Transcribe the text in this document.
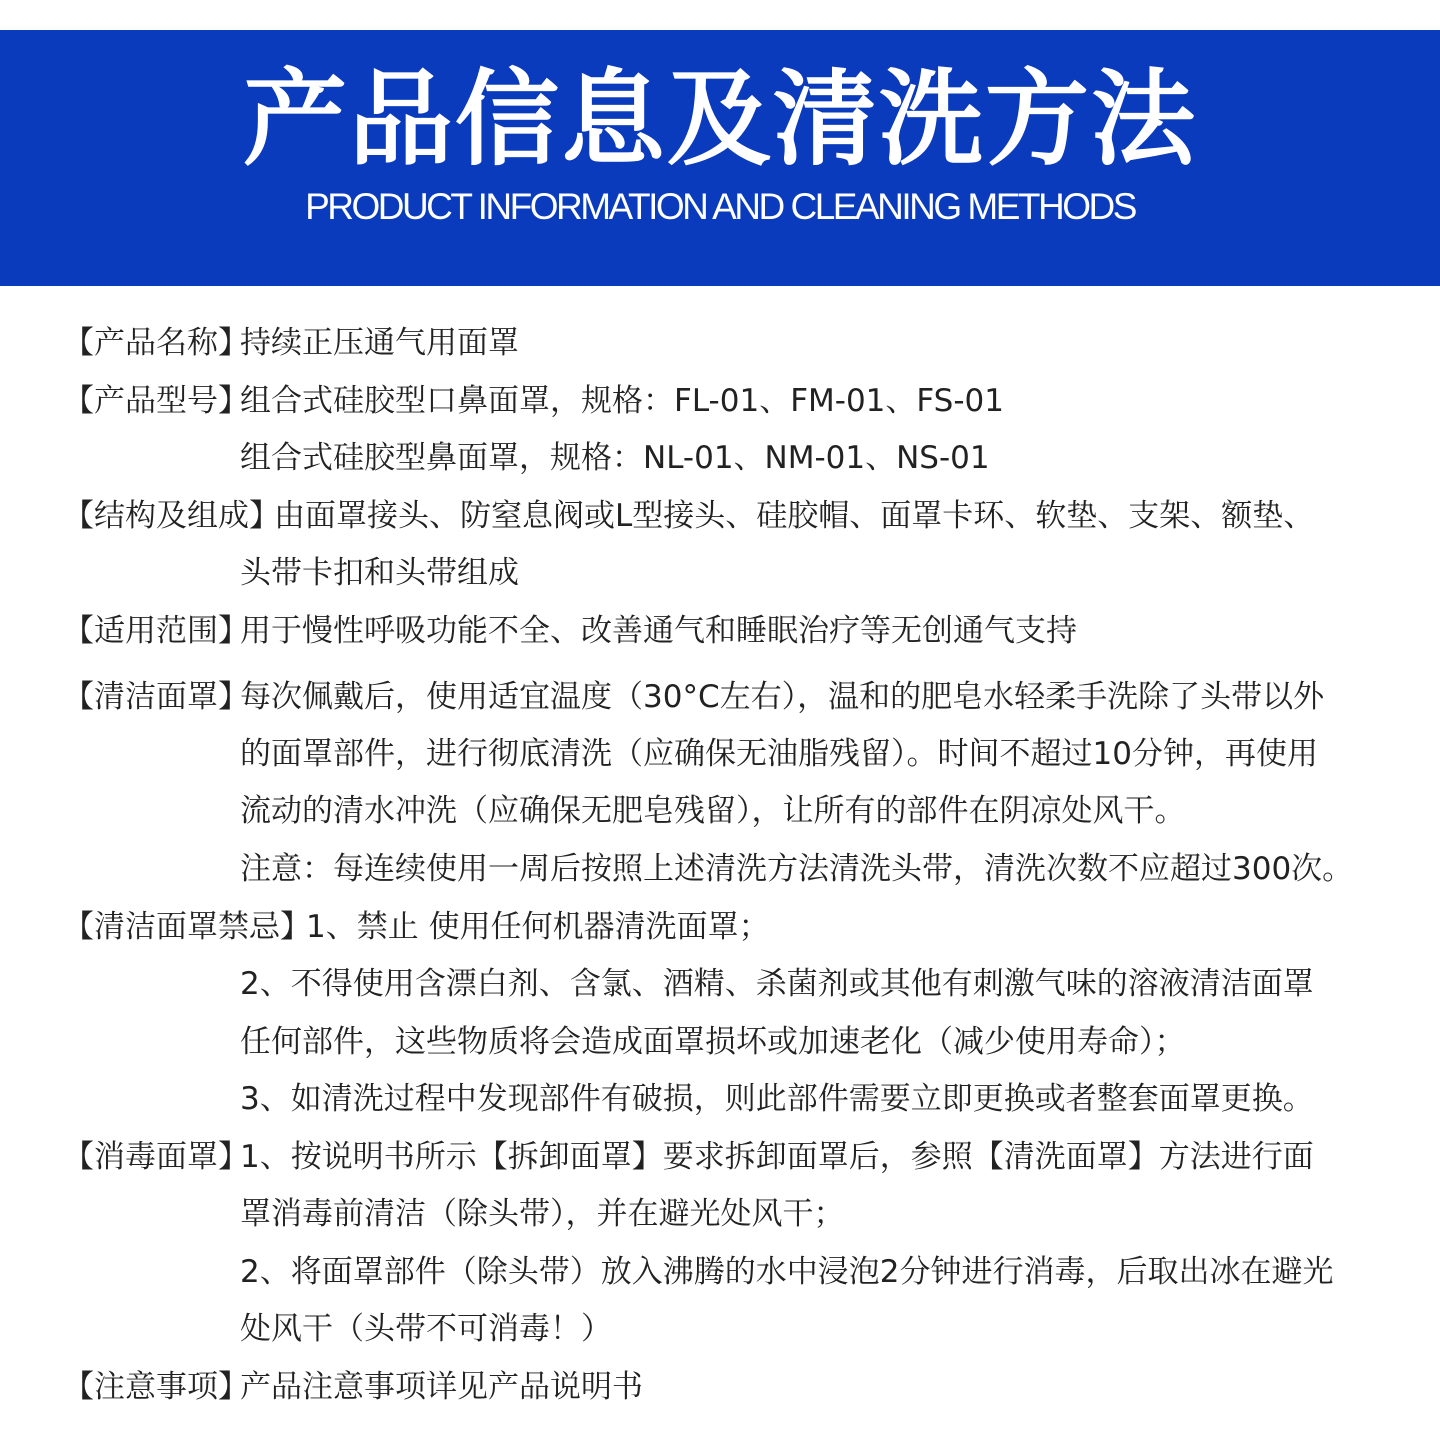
产品信息及清洗方法
PRODUCT INFORMATION AND CLEANING METHODS
【产品名称】
持续正压通气用面罩
【产品型号】
组合式硅胶型口鼻面罩，规格：FL-01、FM-01、FS-01
组合式硅胶型鼻面罩，规格：NL-01、NM-01、NS-01
【结构及组成】
由面罩接头、防窒息阀或L型接头、硅胶帽、面罩卡环、软垫、支架、额垫、
头带卡扣和头带组成
【适用范围】
用于慢性呼吸功能不全、改善通气和睡眠治疗等无创通气支持
【清洁面罩】
每次佩戴后，使用适宜温度（30°C左右），温和的肥皂水轻柔手洗除了头带以外
的面罩部件，进行彻底清洗（应确保无油脂残留）。时间不超过10分钟，再使用
流动的清水冲洗（应确保无肥皂残留），让所有的部件在阴凉处风干。
注意：每连续使用一周后按照上述清洗方法清洗头带，清洗次数不应超过300次。
【清洁面罩禁忌】
1、禁止 使用任何机器清洗面罩；
2、不得使用含漂白剂、含氯、酒精、杀菌剂或其他有刺激气味的溶液清洁面罩
任何部件，这些物质将会造成面罩损坏或加速老化（减少使用寿命）；
3、如清洗过程中发现部件有破损，则此部件需要立即更换或者整套面罩更换。
【消毒面罩】
1、按说明书所示【拆卸面罩】要求拆卸面罩后，参照【清洗面罩】方法进行面
罩消毒前清洁（除头带），并在避光处风干；
2、将面罩部件（除头带）放入沸腾的水中浸泡2分钟进行消毒，后取出冰在避光
处风干（头带不可消毒！）
【注意事项】
产品注意事项详见产品说明书
